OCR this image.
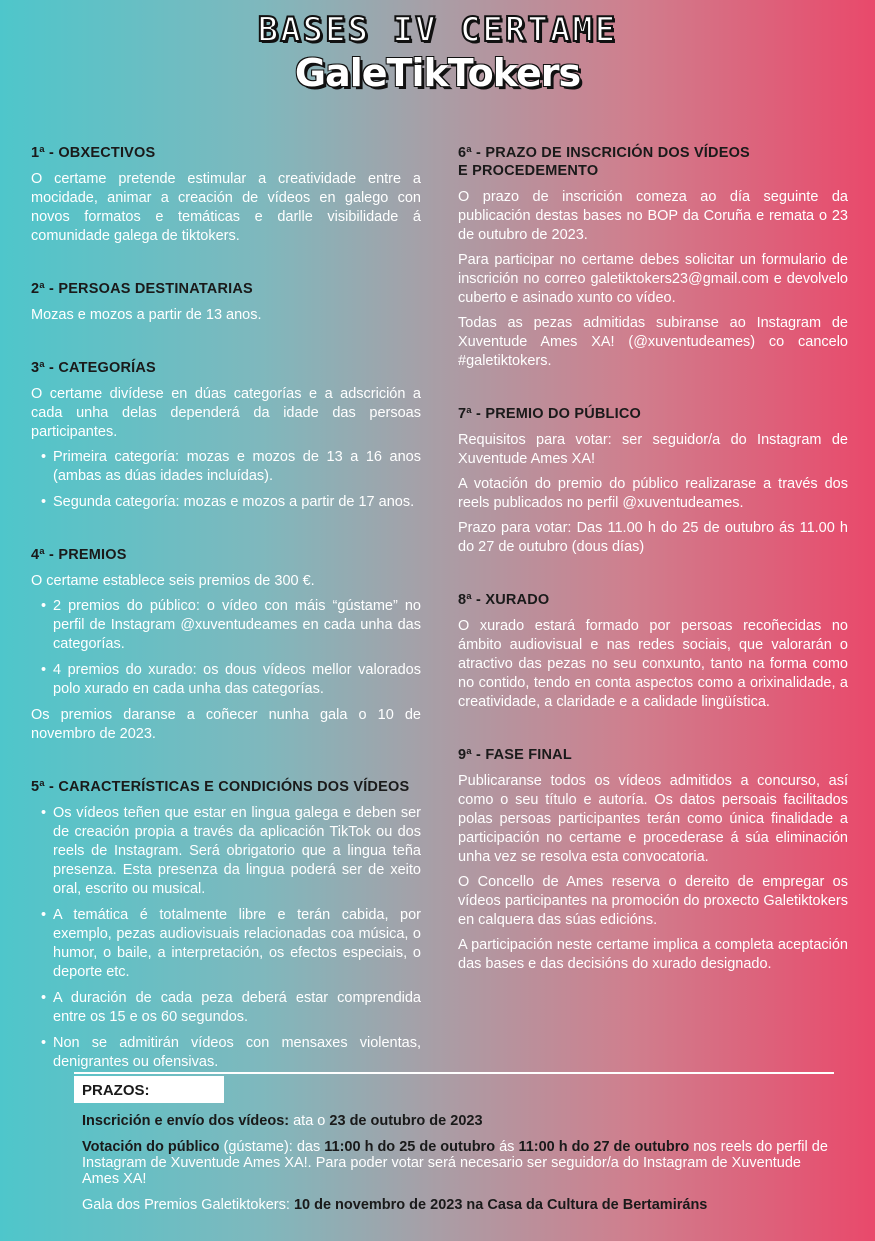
BASES IV CERTAME
GaleTikTokers
1ª - OBXECTIVOS

O certame pretende estimular a creatividade entre a mocidade, animar a creación de vídeos en galego con novos formatos e temáticas e darlle visibilidade á comunidade galega de tiktokers.

2ª - PERSOAS DESTINATARIAS

Mozas e mozos a partir de 13 anos.

3ª - CATEGORÍAS

O certame divídese en dúas categorías e a adscrición a cada unha delas dependerá da idade das persoas participantes.

• Primeira categoría: mozas e mozos de 13 a 16 anos (ambas as dúas idades incluídas).
• Segunda categoría: mozas e mozos a partir de 17 anos.
4ª - PREMIOS

O certame establece seis premios de 300 €.

• 2 premios do público: o vídeo con máis “gústame” no perfil de Instagram @xuventudeames en cada unha das categorías.
• 4 premios do xurado: os dous vídeos mellor valorados polo xurado en cada unha das categorías.

Os premios daranse a coñecer nunha gala o 10 de novembro de 2023.

5ª - CARACTERÍSTICAS E CONDICIÓNS DOS VÍDEOS
• Os vídeos teñen que estar en lingua galega e deben ser de creación propia a través da aplicación TikTok ou dos reels de Instagram. Será obrigatorio que a lingua teña presenza. Esta presenza da lingua poderá ser de xeito oral, escrito ou musical.
• A temática é totalmente libre e terán cabida, por exemplo, pezas audiovisuais relacionadas coa música, o humor, o baile, a interpretación, os efectos especiais, o deporte etc.
• A duración de cada peza deberá estar comprendida entre os 15 e os 60 segundos.
• Non se admitirán vídeos con mensaxes violentas, denigrantes ou ofensivas.
6ª - PRAZO DE INSCRICIÓN DOS VÍDEOS
E PROCEDEMENTO

O prazo de inscrición comeza ao día seguinte da publicación destas bases no BOP da Coruña e remata o 23 de outubro de 2023.

Para participar no certame debes solicitar un formulario de inscrición no correo galetiktokers23@gmail.com e devolvelo cuberto e asinado xunto co vídeo.

Todas as pezas admitidas subiranse ao Instagram de Xuventude Ames XA! (@xuventudeames) co cancelo #galetiktokers.

7ª - PREMIO DO PÚBLICO

Requisitos para votar: ser seguidor/a do Instagram de Xuventude Ames XA!

A votación do premio do público realizarase a través dos reels publicados no perfil @xuventudeames.

Prazo para votar: Das 11.00 h do 25 de outubro ás 11.00 h do 27 de outubro (dous días)

8ª - XURADO

O xurado estará formado por persoas recoñecidas no ámbito audiovisual e nas redes sociais, que valorarán o atractivo das pezas no seu conxunto, tanto na forma como no contido, tendo en conta aspectos como a orixinalidade, a creatividade, a claridade e a calidade lingüística.

9ª - FASE FINAL

Publicaranse todos os vídeos admitidos a concurso, así como o seu título e autoría. Os datos persoais facilitados polas persoas participantes terán como única finalidade a participación no certame e procederase á súa eliminación unha vez se resolva esta convocatoria.

O Concello de Ames reserva o dereito de empregar os vídeos participantes na promoción do proxecto Galetiktokers en calquera das súas edicións.

A participación neste certame implica a completa aceptación das bases e das decisións do xurado designado.

PRAZOS:
Inscrición e envío dos vídeos: ata o 23 de outubro de 2023
Votación do público (gústame): das 11:00 h do 25 de outubro ás 11:00 h do 27 de outubro nos reels do perfil de Instagram de Xuventude Ames XA!. Para poder votar será necesario ser seguidor/a do Instagram de Xuventude Ames XA!
Gala dos Premios Galetiktokers: 10 de novembro de 2023 na Casa da Cultura de Bertamiráns
